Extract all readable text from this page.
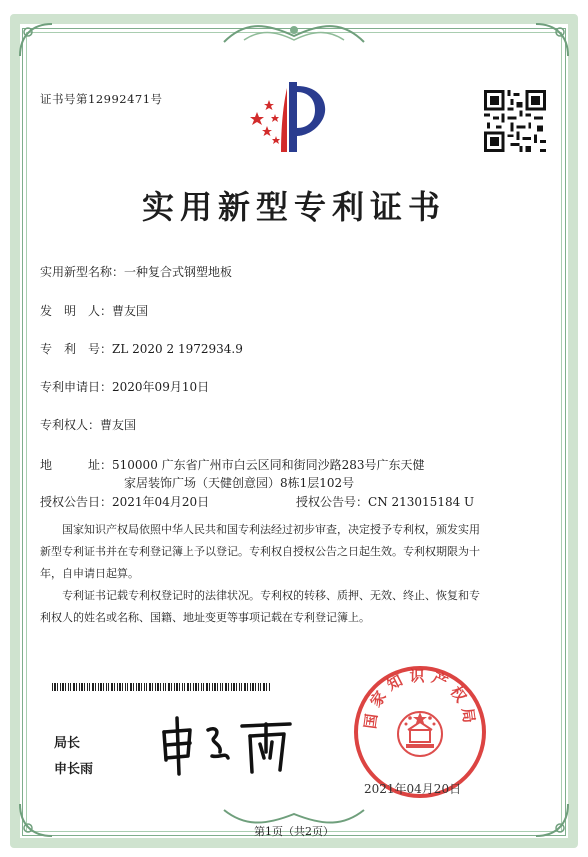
证书号第12992471号
实用新型专利证书
实用新型名称：一种复合式钢塑地板
发　明　人：曹友国
专　利　号：ZL 2020 2 1972934.9
专利申请日：2020年09月10日
专利权人：曹友国
地　　　址：510000 广东省广州市白云区同和街同沙路283号广东天健
家居装饰广场（天健创意园）8栋1层102号
授权公告日：2021年04月20日	授权公告号：CN 213015184 U
国家知识产权局依照中华人民共和国专利法经过初步审查，决定授予专利权，颁发实用
新型专利证书并在专利登记簿上予以登记。专利权自授权公告之日起生效。专利权期限为十
年，自申请日起算。
专利证书记载专利权登记时的法律状况。专利权的转移、质押、无效、终止、恢复和专
利权人的姓名或名称、国籍、地址变更等事项记载在专利登记簿上。
局长
申长雨
国家知识产权局
2021年04月20日
第1页（共2页）
